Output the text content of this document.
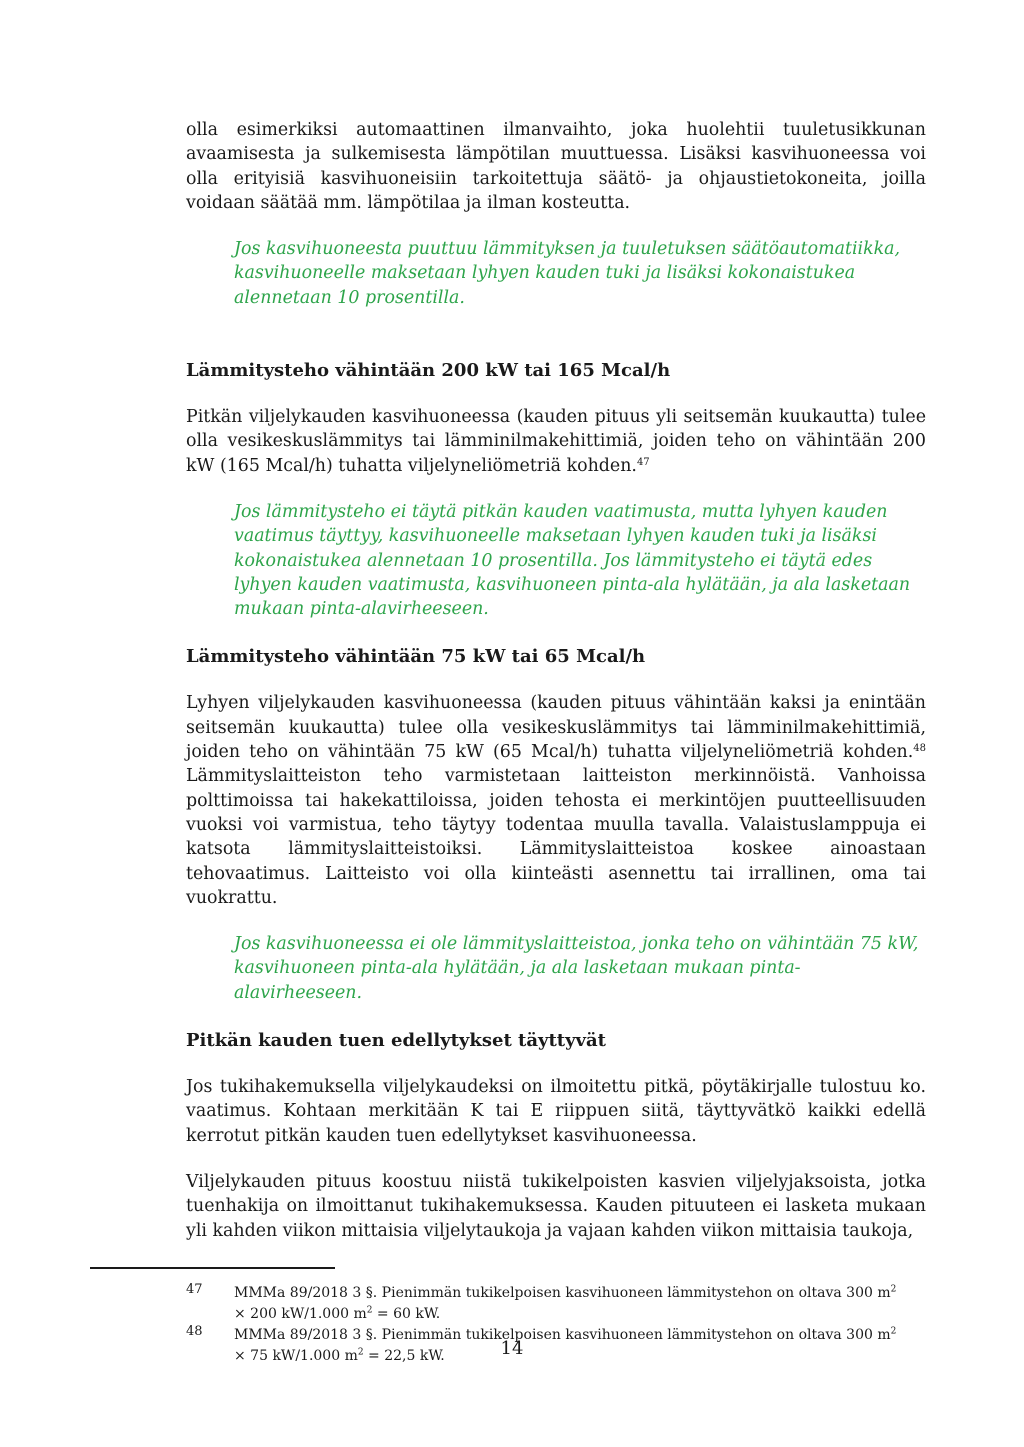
olla esimerkiksi automaattinen ilmanvaihto, joka huolehtii tuuletusikkunan avaamisesta ja sulkemisesta lämpötilan muuttuessa. Lisäksi kasvihuoneessa voi olla erityisiä kasvihuoneisiin tarkoitettuja säätö- ja ohjaustietokoneita, joilla voidaan säätää mm. lämpötilaa ja ilman kosteutta.

Jos kasvihuoneesta puuttuu lämmityksen ja tuuletuksen säätöautomatiikka, kasvihuoneelle maksetaan lyhyen kauden tuki ja lisäksi kokonaistukea alennetaan 10 prosentilla.

Lämmitysteho vähintään 200 kW tai 165 Mcal/h

Pitkän viljelykauden kasvihuoneessa (kauden pituus yli seitsemän kuukautta) tulee olla vesikeskuslämmitys tai lämminilmakehittimiä, joiden teho on vähintään 200 kW (165 Mcal/h) tuhatta viljelyneliömetriä kohden.$^{47}$

Jos lämmitysteho ei täytä pitkän kauden vaatimusta, mutta lyhyen kauden vaatimus täyttyy, kasvihuoneelle maksetaan lyhyen kauden tuki ja lisäksi kokonaistukea alennetaan 10 prosentilla. Jos lämmitysteho ei täytä edes lyhyen kauden vaatimusta, kasvihuoneen pinta-ala hylätään, ja ala lasketaan mukaan pinta-alavirheeseen.

Lämmitysteho vähintään 75 kW tai 65 Mcal/h

Lyhyen viljelykauden kasvihuoneessa (kauden pituus vähintään kaksi ja enintään seitsemän kuukautta) tulee olla vesikeskuslämmitys tai lämminilmakehittimiä, joiden teho on vähintään 75 kW (65 Mcal/h) tuhatta viljelyneliömetriä kohden.$^{48}$ Lämmityslaitteiston teho varmistetaan laitteiston merkinnöistä. Vanhoissa polttimoissa tai hakekattiloissa, joiden tehosta ei merkintöjen puutteellisuuden vuoksi voi varmistua, teho täytyy todentaa muulla tavalla. Valaistuslamppuja ei katsota lämmityslaitteistoiksi. Lämmityslaitteistoa koskee ainoastaan tehovaatimus. Laitteisto voi olla kiinteästi asennettu tai irrallinen, oma tai vuokrattu.

Jos kasvihuoneessa ei ole lämmityslaitteistoa, jonka teho on vähintään 75 kW, kasvihuoneen pinta-ala hylätään, ja ala lasketaan mukaan pinta-alavirheeseen.

Pitkän kauden tuen edellytykset täyttyvät

Jos tukihakemuksella viljelykaudeksi on ilmoitettu pitkä, pöytäkirjalle tulostuu ko. vaatimus. Kohtaan merkitään K tai E riippuen siitä, täyttyvätkö kaikki edellä kerrotut pitkän kauden tuen edellytykset kasvihuoneessa.

Viljelykauden pituus koostuu niistä tukikelpoisten kasvien viljelyjaksoista, jotka tuenhakija on ilmoittanut tukihakemuksessa. Kauden pituuteen ei lasketa mukaan yli kahden viikon mittaisia viljelytaukoja ja vajaan kahden viikon mittaisia taukoja,

47 MMMa 89/2018 3 §. Pienimmän tukikelpoisen kasvihuoneen lämmitystehon on oltava 300 $m^2$
× 200 kW/1.000 $m^2 = 60$ kW.
48 MMMa 89/2018 3 §. Pienimmän tukikelpoisen kasvihuoneen lämmitystehon on oltava 300 $m^2$
× 75 kW/1.000 $m^2 = 22,5$ kW.	14
